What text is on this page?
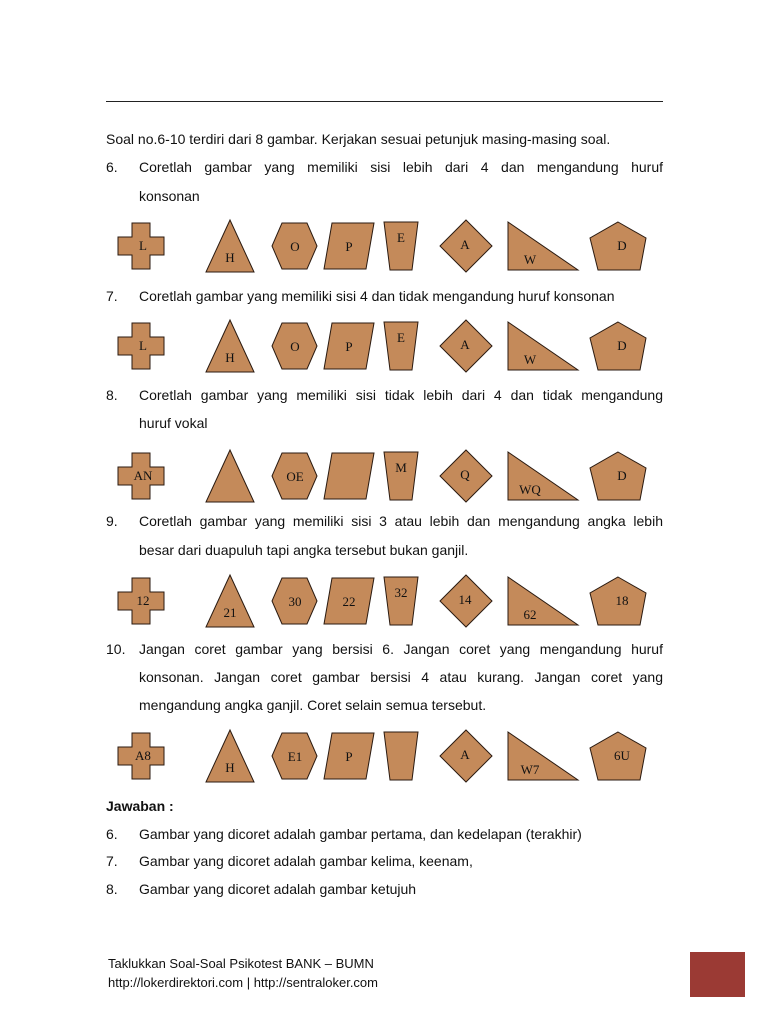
Soal no.6-10 terdiri dari 8 gambar. Kerjakan sesuai petunjuk masing-masing soal.
6. Coretlah gambar yang memiliki sisi lebih dari 4 dan mengandung huruf
konsonan
L
H
O	P
E	A
W
D
7. Coretlah gambar yang memiliki sisi 4 dan tidak mengandung huruf konsonan
L
H
O	P
E	A
W
D
8. Coretlah gambar yang memiliki sisi tidak lebih dari 4 dan tidak mengandung
huruf vokal
AN	OE
M	Q
WQ
D
9. Coretlah gambar yang memiliki sisi 3 atau lebih dan mengandung angka lebih
besar dari duapuluh tapi angka tersebut bukan ganjil.
12
21
30	22
32	14
62
18
10. Jangan coret gambar yang bersisi 6. Jangan coret yang mengandung huruf
konsonan. Jangan coret gambar bersisi 4 atau kurang. Jangan coret yang
mengandung angka ganjil. Coret selain semua tersebut.
A8
H
E1	P	A
W7
6U
Jawaban :
6. Gambar yang dicoret adalah gambar pertama, dan kedelapan (terakhir)
7. Gambar yang dicoret adalah gambar kelima, keenam,
8. Gambar yang dicoret adalah gambar ketujuh
Taklukkan Soal-Soal Psikotest BANK – BUMN
http://lokerdirektori.com | http://sentraloker.com
